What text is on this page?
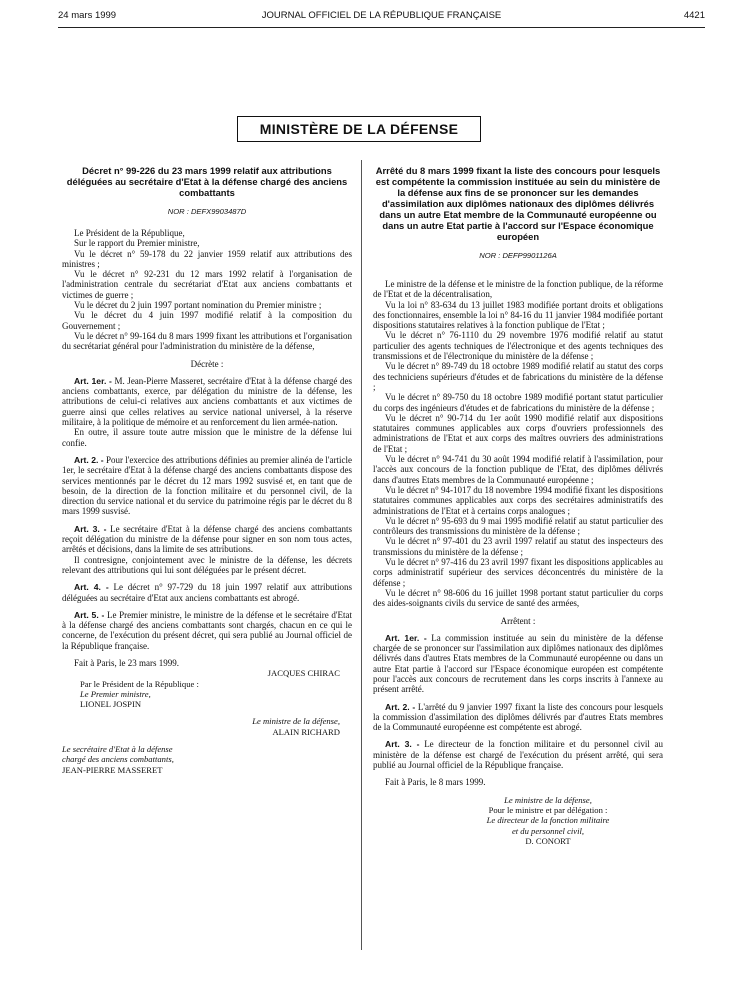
24 mars 1999	JOURNAL OFFICIEL DE LA RÉPUBLIQUE FRANÇAISE	4421
MINISTÈRE DE LA DÉFENSE

Décret n° 99-226 du 23 mars 1999 relatif aux attributions déléguées au secrétaire d'Etat à la défense chargé des anciens combattants

NOR : DEFX9903487D

Le Président de la République,

Sur le rapport du Premier ministre,

Vu le décret n° 59-178 du 22 janvier 1959 relatif aux attributions des ministres ;

Vu le décret n° 92-231 du 12 mars 1992 relatif à l'organisation de l'administration centrale du secrétariat d'Etat aux anciens combattants et victimes de guerre ;

Vu le décret du 2 juin 1997 portant nomination du Premier ministre ;

Vu le décret du 4 juin 1997 modifié relatif à la composition du Gouvernement ;

Vu le décret n° 99-164 du 8 mars 1999 fixant les attributions et l'organisation du secrétariat général pour l'administration du ministère de la défense,

Décrète :

Art. 1er. - M. Jean-Pierre Masseret, secrétaire d'Etat à la défense chargé des anciens combattants, exerce, par délégation du ministre de la défense, les attributions de celui-ci relatives aux anciens combattants et aux victimes de guerre ainsi que celles relatives au service national universel, à la réserve militaire, à la politique de mémoire et au renforcement du lien armée-nation.

En outre, il assure toute autre mission que le ministre de la défense lui confie.

Art. 2. - Pour l'exercice des attributions définies au premier alinéa de l'article 1er, le secrétaire d'Etat à la défense chargé des anciens combattants dispose des services mentionnés par le décret du 12 mars 1992 susvisé et, en tant que de besoin, de la direction de la fonction militaire et du personnel civil, de la direction du service national et du service du patrimoine régis par le décret du 8 mars 1999 susvisé.

Art. 3. - Le secrétaire d'Etat à la défense chargé des anciens combattants reçoit délégation du ministre de la défense pour signer en son nom tous actes, arrêtés et décisions, dans la limite de ses attributions.

Il contresigne, conjointement avec le ministre de la défense, les décrets relevant des attributions qui lui sont déléguées par le présent décret.

Art. 4. - Le décret n° 97-729 du 18 juin 1997 relatif aux attributions déléguées au secrétaire d'Etat aux anciens combattants est abrogé.

Art. 5. - Le Premier ministre, le ministre de la défense et le secrétaire d'Etat à la défense chargé des anciens combattants sont chargés, chacun en ce qui le concerne, de l'exécution du présent décret, qui sera publié au Journal officiel de la République française.

Fait à Paris, le 23 mars 1999.

JACQUES CHIRAC

Par le Président de la République :

Le Premier ministre,

LIONEL JOSPIN

Le ministre de la défense,

ALAIN RICHARD

Le secrétaire d'Etat à la défense

chargé des anciens combattants,

JEAN-PIERRE MASSERET

Arrêté du 8 mars 1999 fixant la liste des concours pour lesquels est compétente la commission instituée au sein du ministère de la défense aux fins de se prononcer sur les demandes d'assimilation aux diplômes nationaux des diplômes délivrés dans un autre Etat membre de la Communauté européenne ou dans un autre Etat partie à l'accord sur l'Espace économique européen

NOR : DEFP9901126A

Le ministre de la défense et le ministre de la fonction publique, de la réforme de l'Etat et de la décentralisation,

Vu la loi n° 83-634 du 13 juillet 1983 modifiée portant droits et obligations des fonctionnaires, ensemble la loi n° 84-16 du 11 janvier 1984 modifiée portant dispositions statutaires relatives à la fonction publique de l'Etat ;

Vu le décret n° 76-1110 du 29 novembre 1976 modifié relatif au statut particulier des agents techniques de l'électronique et des agents techniques des transmissions et de l'électronique du ministère de la défense ;

Vu le décret n° 89-749 du 18 octobre 1989 modifié relatif au statut des corps des techniciens supérieurs d'études et de fabrications du ministère de la défense ;

Vu le décret n° 89-750 du 18 octobre 1989 modifié portant statut particulier du corps des ingénieurs d'études et de fabrications du ministère de la défense ;

Vu le décret n° 90-714 du 1er août 1990 modifié relatif aux dispositions statutaires communes applicables aux corps d'ouvriers professionnels des administrations de l'Etat et aux corps des maîtres ouvriers des administrations de l'Etat ;

Vu le décret n° 94-741 du 30 août 1994 modifié relatif à l'assimilation, pour l'accès aux concours de la fonction publique de l'Etat, des diplômes délivrés dans d'autres Etats membres de la Communauté européenne ;

Vu le décret n° 94-1017 du 18 novembre 1994 modifié fixant les dispositions statutaires communes applicables aux corps des secrétaires administratifs des administrations de l'Etat et à certains corps analogues ;

Vu le décret n° 95-693 du 9 mai 1995 modifié relatif au statut particulier des contrôleurs des transmissions du ministère de la défense ;

Vu le décret n° 97-401 du 23 avril 1997 relatif au statut des inspecteurs des transmissions du ministère de la défense ;

Vu le décret n° 97-416 du 23 avril 1997 fixant les dispositions applicables au corps administratif supérieur des services déconcentrés du ministère de la défense ;

Vu le décret n° 98-606 du 16 juillet 1998 portant statut particulier du corps des aides-soignants civils du service de santé des armées,

Arrêtent :

Art. 1er. - La commission instituée au sein du ministère de la défense chargée de se prononcer sur l'assimilation aux diplômes nationaux des diplômes délivrés dans d'autres Etats membres de la Communauté européenne ou dans un autre Etat partie à l'accord sur l'Espace économique européen est compétente pour l'accès aux concours de recrutement dans les corps inscrits à l'annexe au présent arrêté.

Art. 2. - L'arrêté du 9 janvier 1997 fixant la liste des concours pour lesquels la commission d'assimilation des diplômes délivrés par d'autres Etats membres de la Communauté européenne est compétente est abrogé.

Art. 3. - Le directeur de la fonction militaire et du personnel civil au ministère de la défense est chargé de l'exécution du présent arrêté, qui sera publié au Journal officiel de la République française.

Fait à Paris, le 8 mars 1999.

Le ministre de la défense,

Pour le ministre et par délégation :

Le directeur de la fonction militaire

et du personnel civil,

D. CONORT
